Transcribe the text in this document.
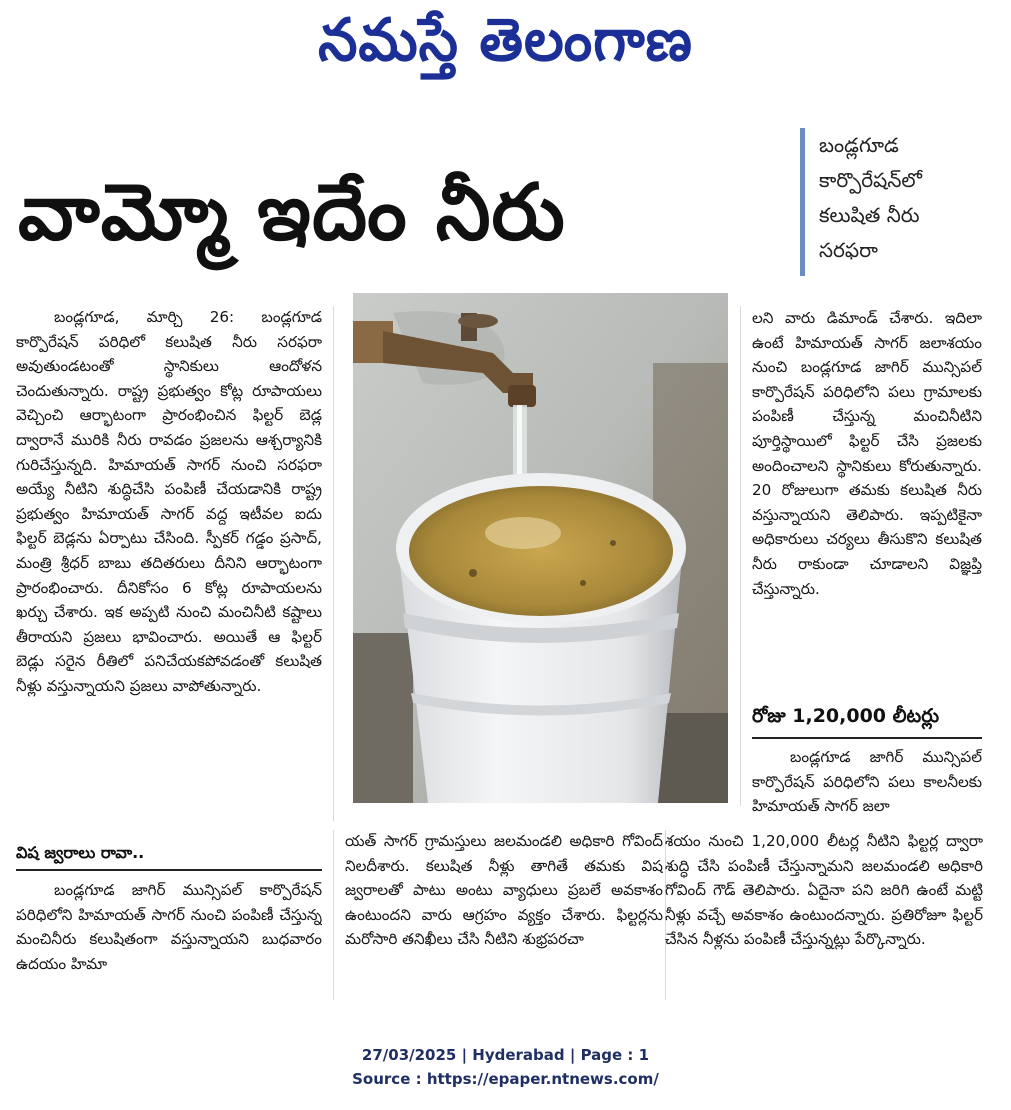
నమస్తే తెలంగాణ
వామ్మో ఇదేం నీరు
బండ్లగూడ
కార్పొరేషన్‌లో
కలుషిత నీరు
సరఫరా

బండ్లగూడ, మార్చి 26: బండ్లగూడ కార్పొరేషన్ పరిధిలో కలుషిత నీరు సరఫరా అవుతుండటంతో స్థానికులు ఆందోళన చెందుతున్నారు. రాష్ట్ర ప్రభుత్వం కోట్ల రూపాయలు వెచ్చించి ఆర్భాటంగా ప్రారంభించిన ఫిల్టర్ బెడ్ల ద్వారానే మురికి నీరు రావడం ప్రజలను ఆశ్చర్యానికి గురిచేస్తున్నది. హిమాయత్ సాగర్ నుంచి సరఫరా అయ్యే నీటిని శుద్ధిచేసి పంపిణీ చేయడానికి రాష్ట్ర ప్రభుత్వం హిమాయత్ సాగర్ వద్ద ఇటీవల ఐదు ఫిల్టర్ బెడ్లను ఏర్పాటు చేసింది. స్పీకర్ గడ్డం ప్రసాద్, మంత్రి శ్రీధర్ బాబు తదితరులు దీనిని ఆర్భాటంగా ప్రారంభించారు. దీనికోసం 6 కోట్ల రూపాయలను ఖర్చు చేశారు. ఇక అప్పటి నుంచి మంచినీటి కష్టాలు తీరాయని ప్రజలు భావించారు. అయితే ఆ ఫిల్టర్ బెడ్లు సరైన రీతిలో పనిచేయకపోవడంతో కలుషిత నీళ్లు వస్తున్నాయని ప్రజలు వాపోతున్నారు.

విష జ్వరాలు రావా..

బండ్లగూడ జాగిర్ మున్సిపల్ కార్పొరేషన్ పరిధిలోని హిమాయత్ సాగర్ నుంచి పంపిణీ చేస్తున్న మంచినీరు కలుషితంగా వస్తున్నాయని బుధవారం ఉదయం హిమా

లని వారు డిమాండ్ చేశారు. ఇదిలా ఉంటే హిమాయత్ సాగర్ జలాశయం నుంచి బండ్లగూడ జాగిర్ మున్సిపల్ కార్పొరేషన్ పరిధిలోని పలు గ్రామాలకు పంపిణీ చేస్తున్న మంచినీటిని పూర్తిస్థాయిలో ఫిల్టర్ చేసి ప్రజలకు అందించాలని స్థానికులు కోరుతున్నారు. 20 రోజులుగా తమకు కలుషిత నీరు వస్తున్నాయని తెలిపారు. ఇప్పటికైనా అధికారులు చర్యలు తీసుకొని కలుషిత నీరు రాకుండా చూడాలని విజ్ఞప్తి చేస్తున్నారు.

రోజు 1,20,000 లీటర్లు

బండ్లగూడ జాగిర్ మున్సిపల్ కార్పొరేషన్ పరిధిలోని పలు కాలనీలకు హిమాయత్ సాగర్ జలా

యత్ సాగర్ గ్రామస్తులు జలమండలి అధికారి గోవింద్ నిలదీశారు. కలుషిత నీళ్లు తాగితే తమకు విష జ్వరాలతో పాటు అంటు వ్యాధులు ప్రబలే అవకాశం ఉంటుందని వారు ఆగ్రహం వ్యక్తం చేశారు. ఫిల్టర్లను మరోసారి తనిఖీలు చేసి నీటిని శుభ్రపరచా

శయం నుంచి 1,20,000 లీటర్ల నీటిని ఫిల్టర్ల ద్వారా శుద్ధి చేసి పంపిణీ చేస్తున్నామని జలమండలి అధికారి గోవింద్ గౌడ్ తెలిపారు. ఏదైనా పని జరిగి ఉంటే మట్టి నీళ్లు వచ్చే అవకాశం ఉంటుందన్నారు. ప్రతిరోజూ ఫిల్టర్ చేసిన నీళ్లను పంపిణీ చేస్తున్నట్లు పేర్కొన్నారు.

27/03/2025 | Hyderabad | Page : 1
Source : https://epaper.ntnews.com/
